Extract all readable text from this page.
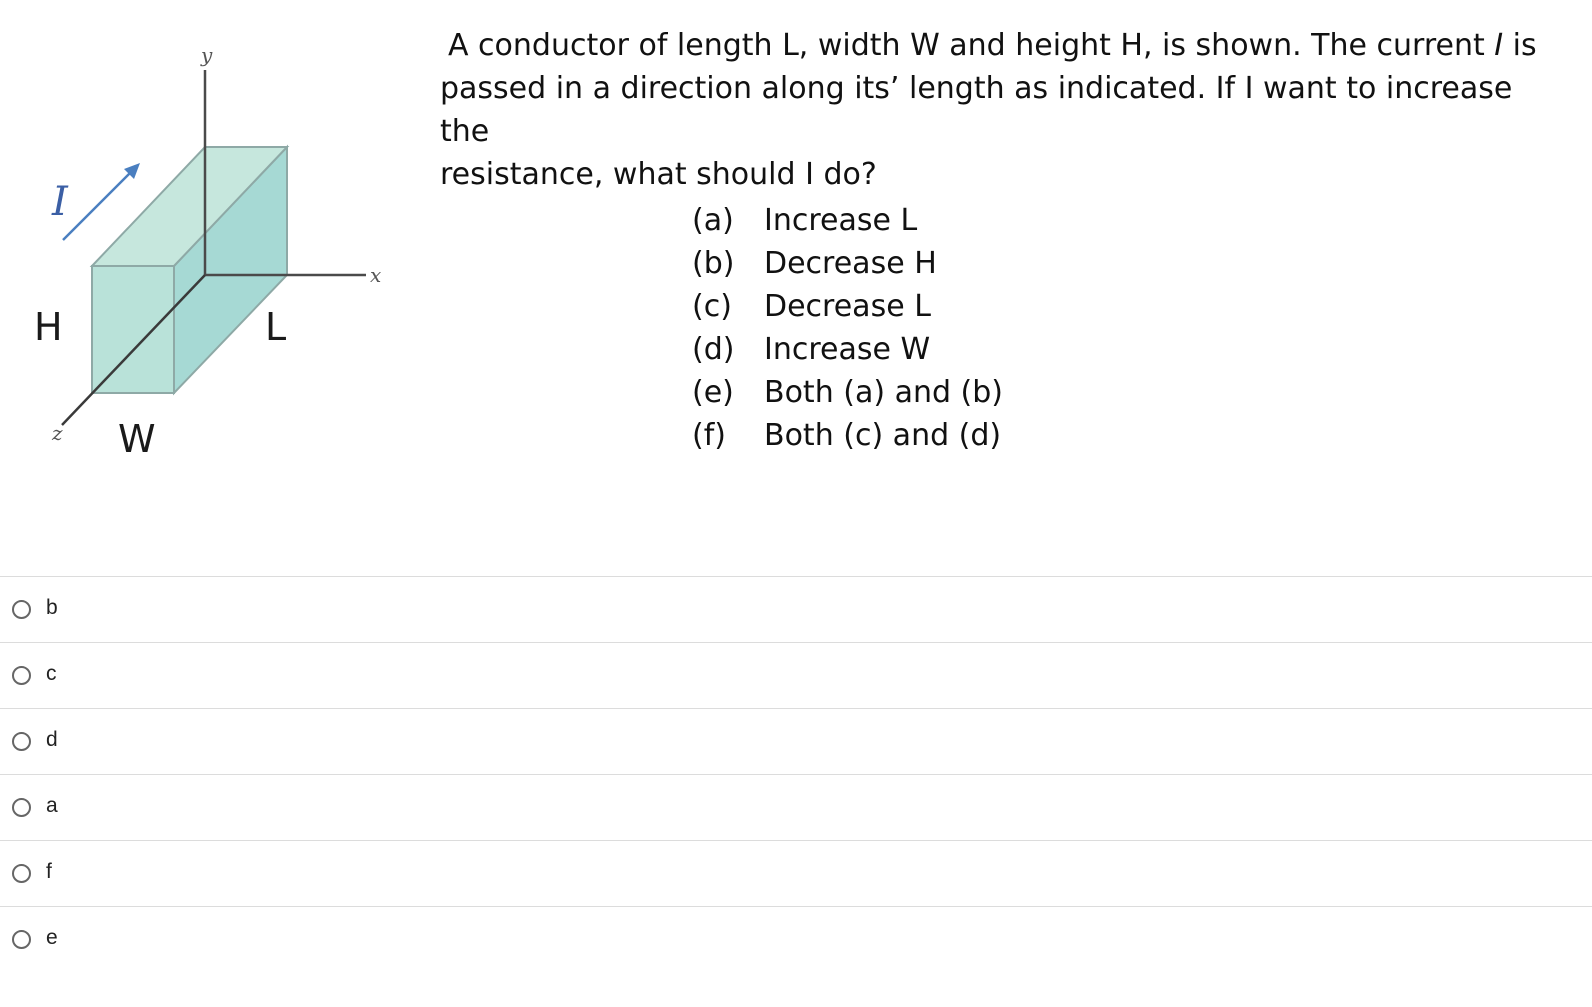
y
x
z
I
H	L
W

A conductor of length L, width W and height H, is shown. The current I is

passed in a direction along its’ length as indicated. If I want to increase the

resistance, what should I do?

(a)	Increase L
(b) Decrease H
(c)	Decrease L
(d) Increase W
(e)	Both (a) and (b)
(f)	Both (c) and (d)
b
c
d
a
f
e
